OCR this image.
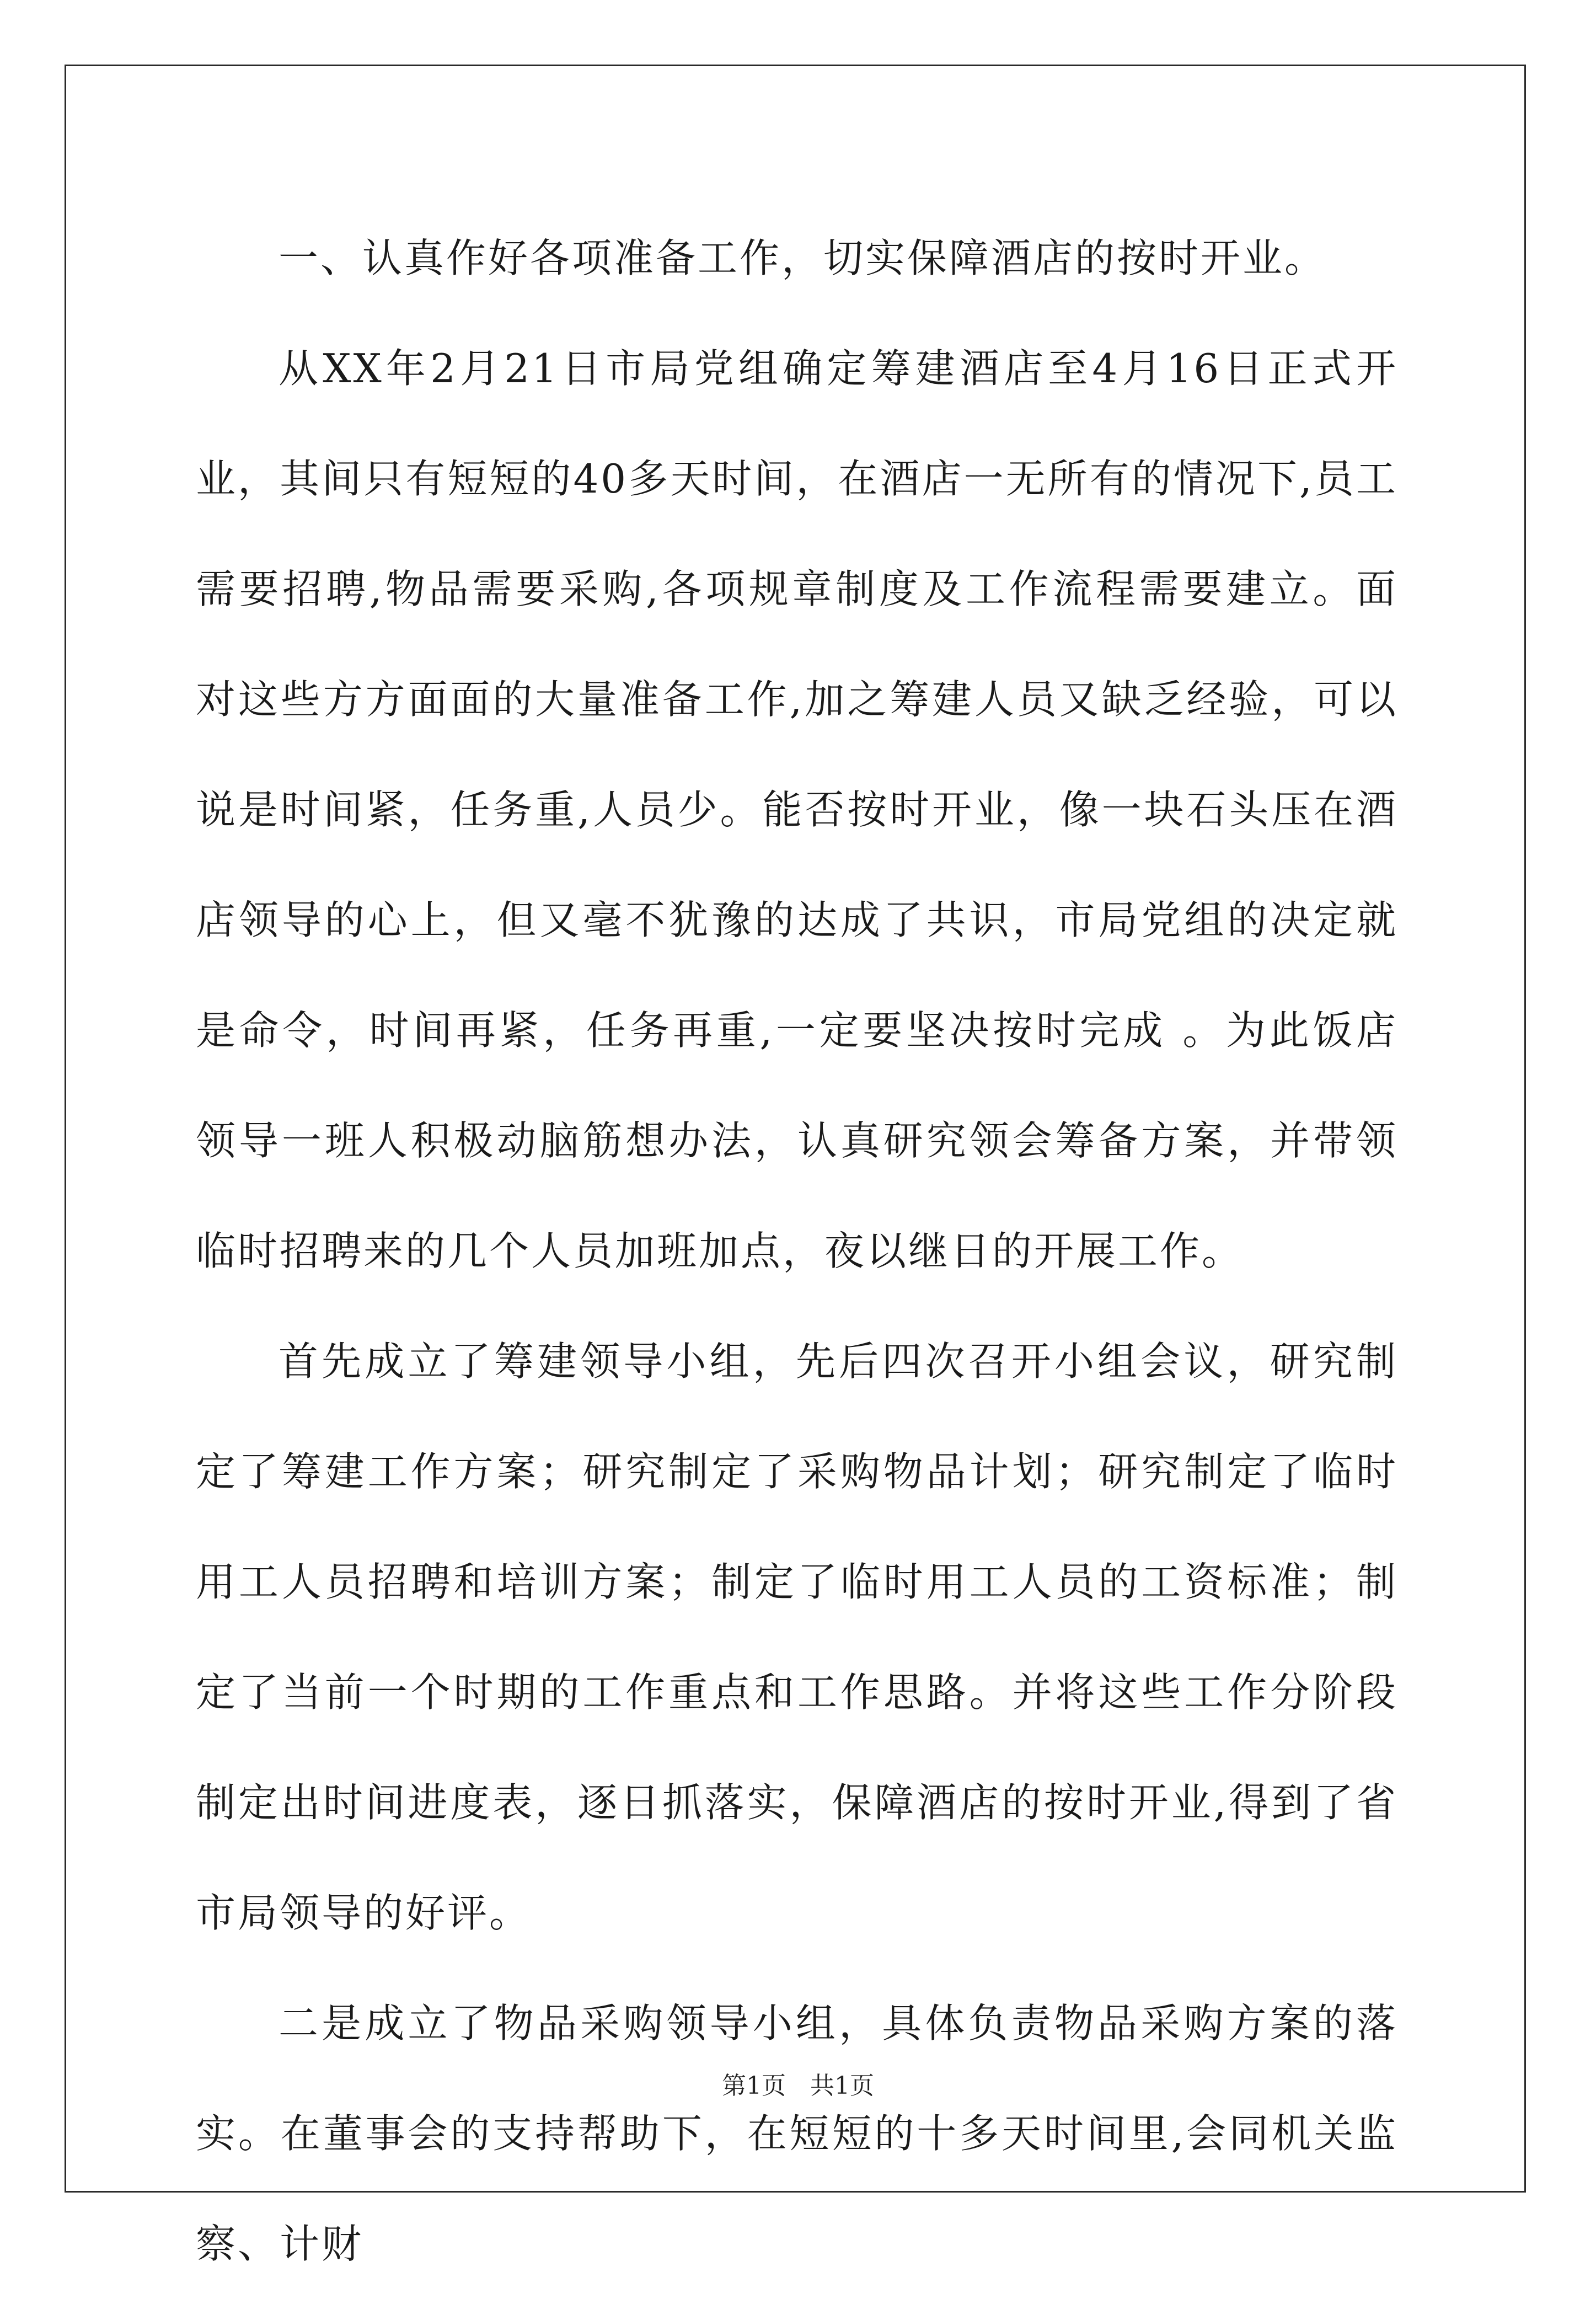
一、认真作好各项准备工作，切实保障酒店的按时开业。

从XX年2月21日市局党组确定筹建酒店至4月16日正式开业，其间只有短短的40多天时间，在酒店一无所有的情况下,员工需要招聘,物品需要采购,各项规章制度及工作流程需要建立。面对这些方方面面的大量准备工作,加之筹建人员又缺乏经验，可以说是时间紧，任务重,人员少。能否按时开业，像一块石头压在酒店领导的心上，但又毫不犹豫的达成了共识，市局党组的决定就是命令，时间再紧，任务再重,一定要坚决按时完成 。为此饭店领导一班人积极动脑筋想办法，认真研究领会筹备方案，并带领临时招聘来的几个人员加班加点，夜以继日的开展工作。

首先成立了筹建领导小组，先后四次召开小组会议，研究制定了筹建工作方案；研究制定了采购物品计划；研究制定了临时用工人员招聘和培训方案；制定了临时用工人员的工资标准；制定了当前一个时期的工作重点和工作思路。并将这些工作分阶段制定出时间进度表，逐日抓落实，保障酒店的按时开业,得到了省市局领导的好评。

二是成立了物品采购领导小组，具体负责物品采购方案的落实。在董事会的支持帮助下，在短短的十多天时间里,会同机关监察、计财

第1页 共1页
